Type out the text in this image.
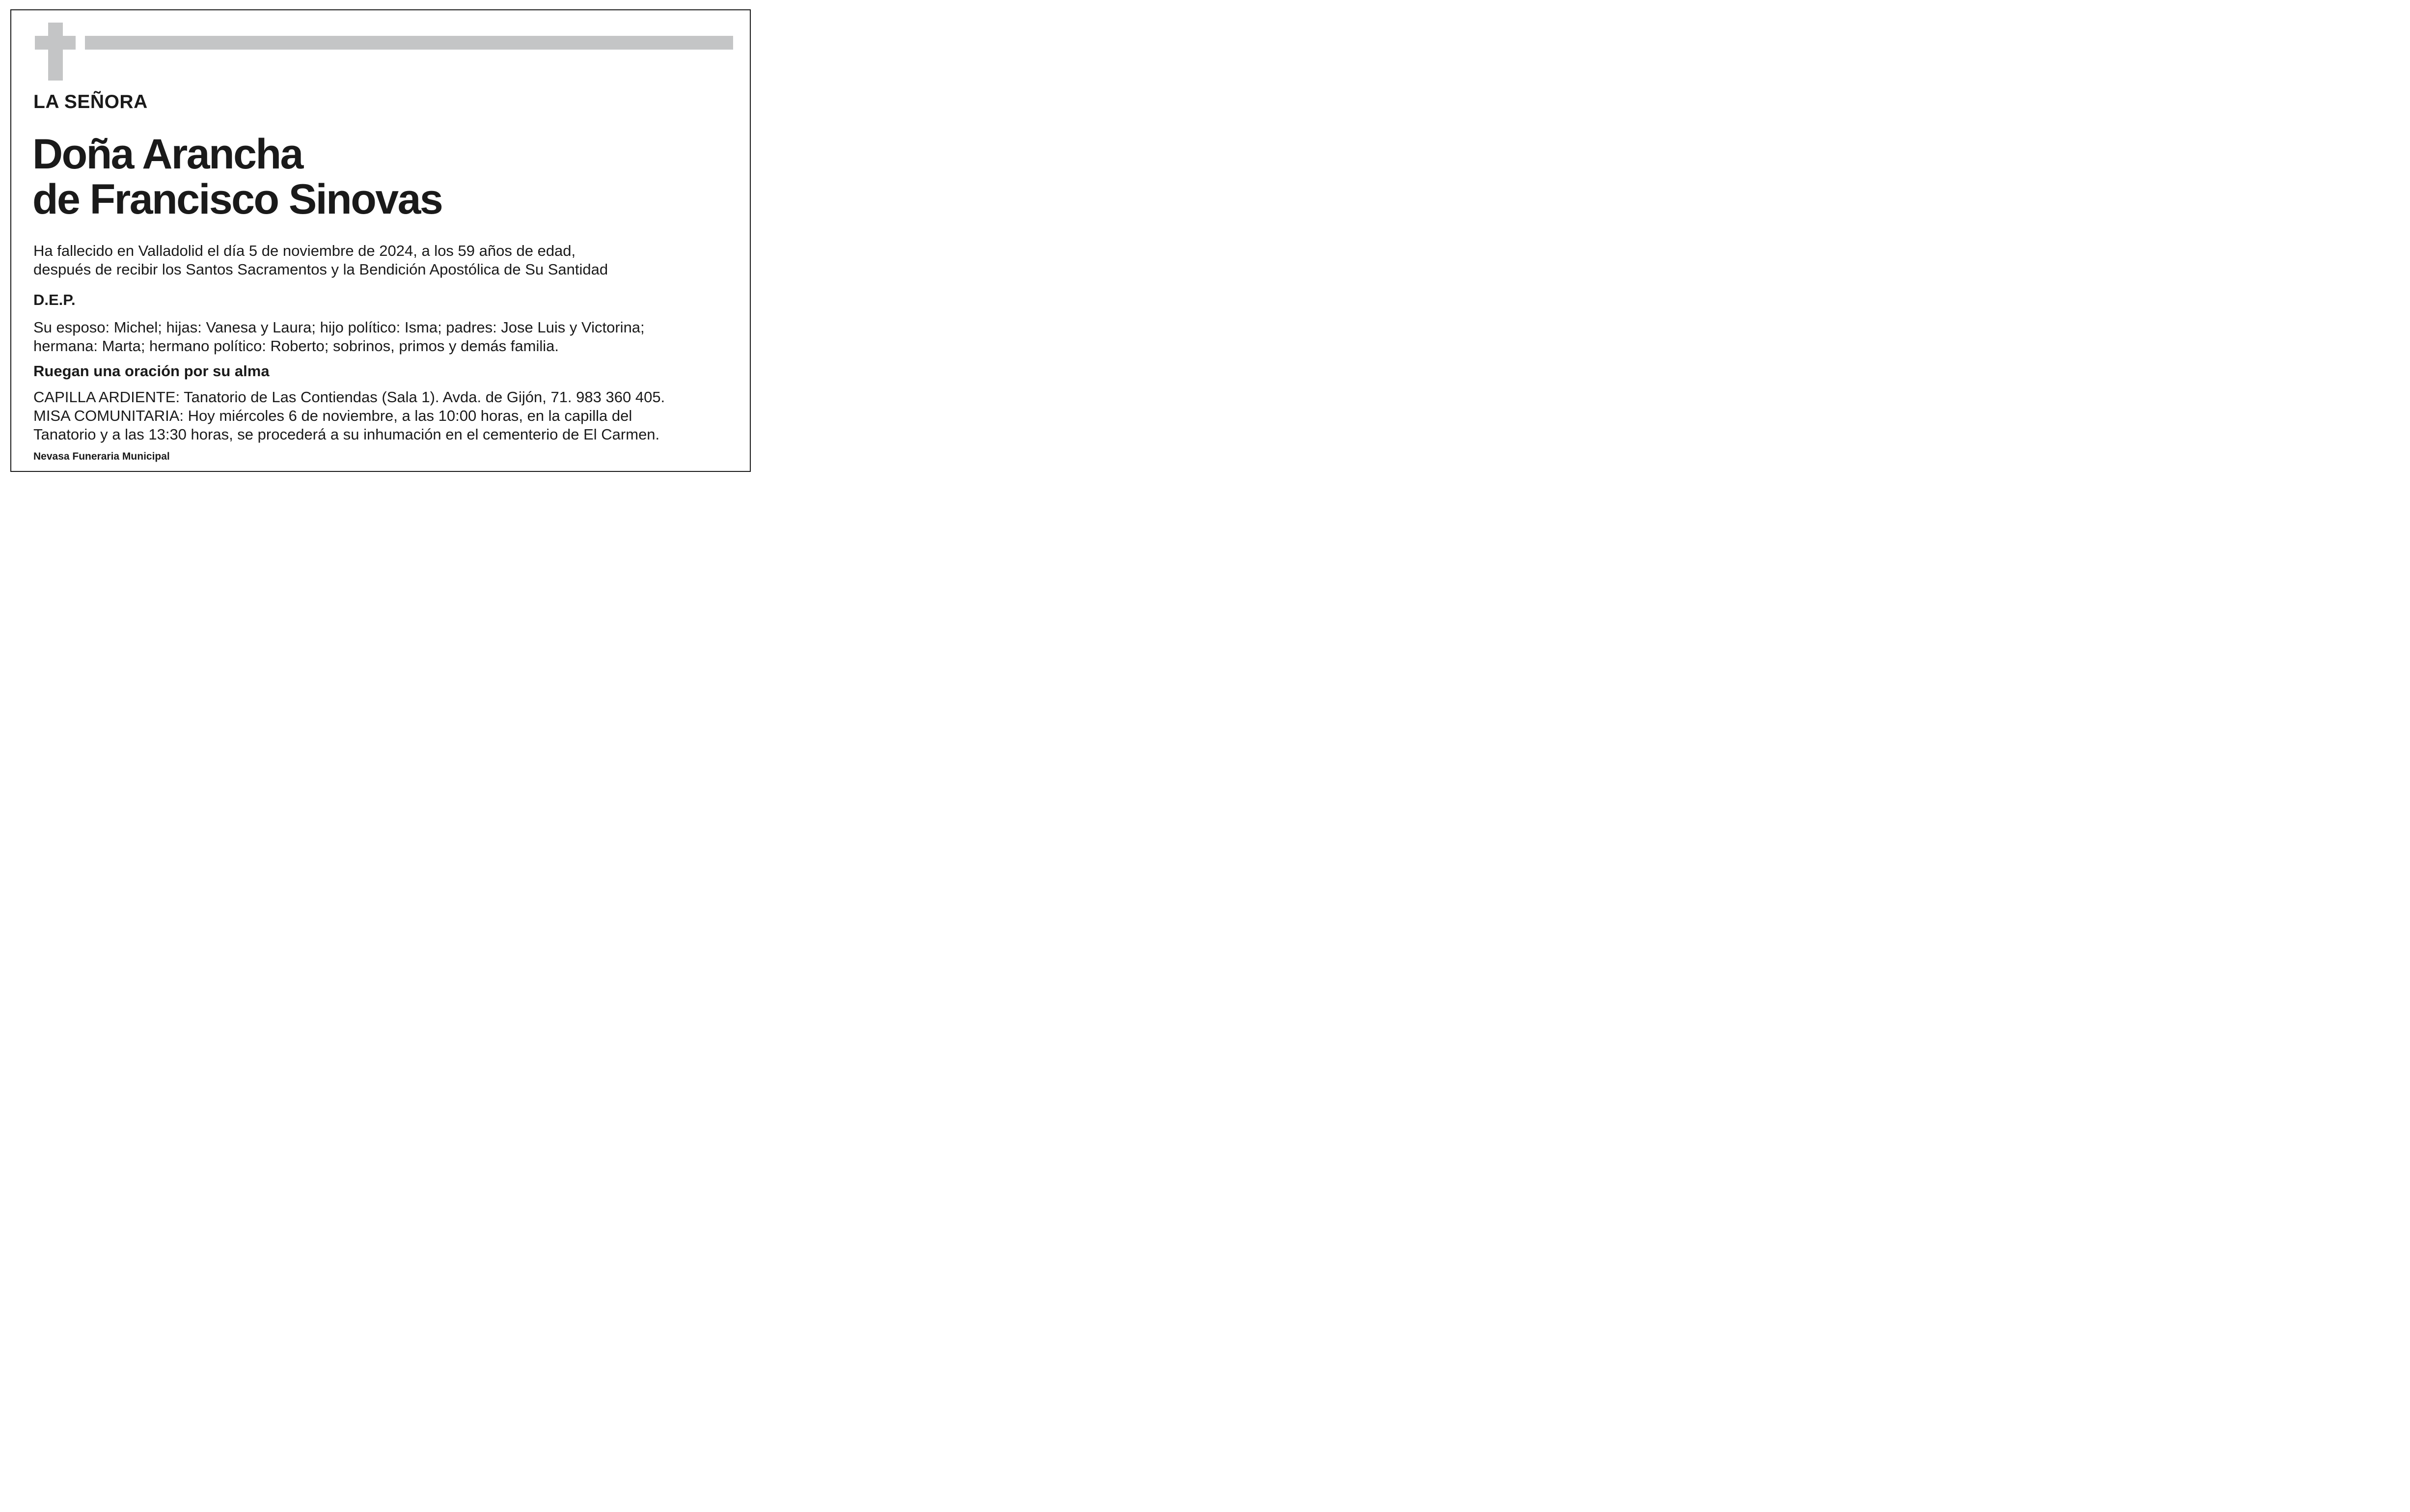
LA SEÑORA
Doña Arancha
de Francisco Sinovas
Ha fallecido en Valladolid el día 5 de noviembre de 2024, a los 59 años de edad,
después de recibir los Santos Sacramentos y la Bendición Apostólica de Su Santidad
D.E.P.
Su esposo: Michel; hijas: Vanesa y Laura; hijo político: Isma; padres: Jose Luis y Victorina;
hermana: Marta; hermano político: Roberto; sobrinos, primos y demás familia.
Ruegan una oración por su alma
CAPILLA ARDIENTE: Tanatorio de Las Contiendas (Sala 1). Avda. de Gijón, 71. 983 360 405.
MISA COMUNITARIA: Hoy miércoles 6 de noviembre, a las 10:00 horas, en la capilla del
Tanatorio y a las 13:30 horas, se procederá a su inhumación en el cementerio de El Carmen.
Nevasa Funeraria Municipal
